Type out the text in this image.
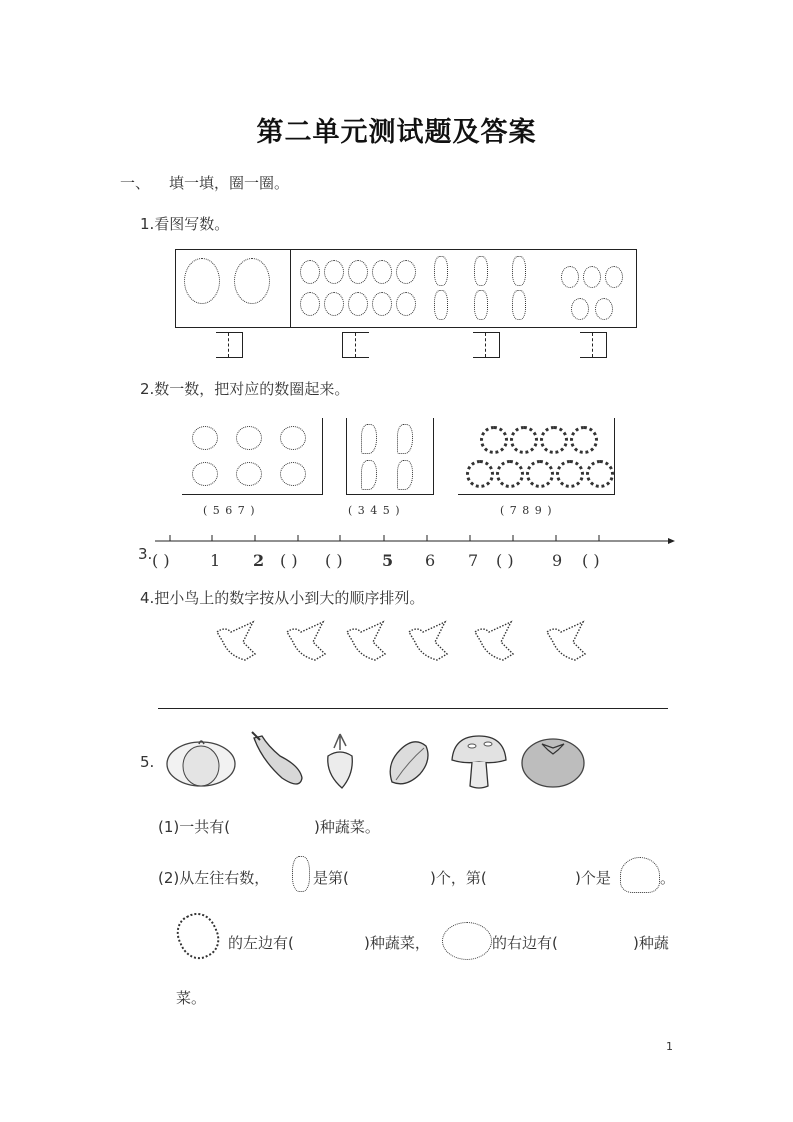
第二单元测试题及答案
一、 填一填，圈一圈。
1.看图写数。
2.数一数，把对应的数圈起来。
( 5 6 7 )	( 3 4 5 )	( 7 8 9 )
3. ( )	1 2 ( ) ( ) 5 6 7 ( ) 9 ( )
4.把小鸟上的数字按从小到大的顺序排列。
5.
(1)一共有(	)种蔬菜。
(2)从左往右数，	是第(	)个，第(	)个是	。
的左边有(	)种蔬菜，	的右边有(	)种蔬
菜。
1
